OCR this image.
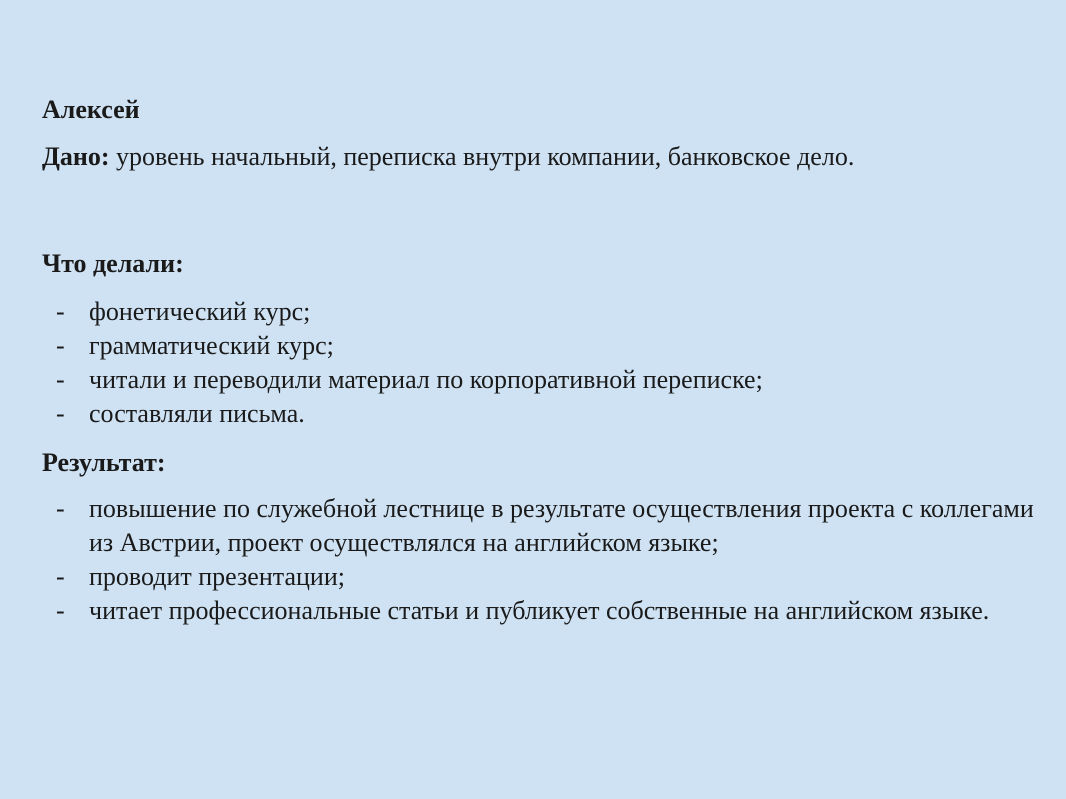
Алексей

Дано: уровень начальный, переписка внутри компании, банковское дело.

Что делали:

- фонетический курс;
- грамматический курс;
- читали и переводили материал по корпоративной переписке;
- составляли письма.

Результат:

- повышение по служебной лестнице в результате осуществления проекта с коллегами из Австрии, проект осуществлялся на английском языке;
- проводит презентации;
- читает профессиональные статьи и публикует собственные на английском языке.
